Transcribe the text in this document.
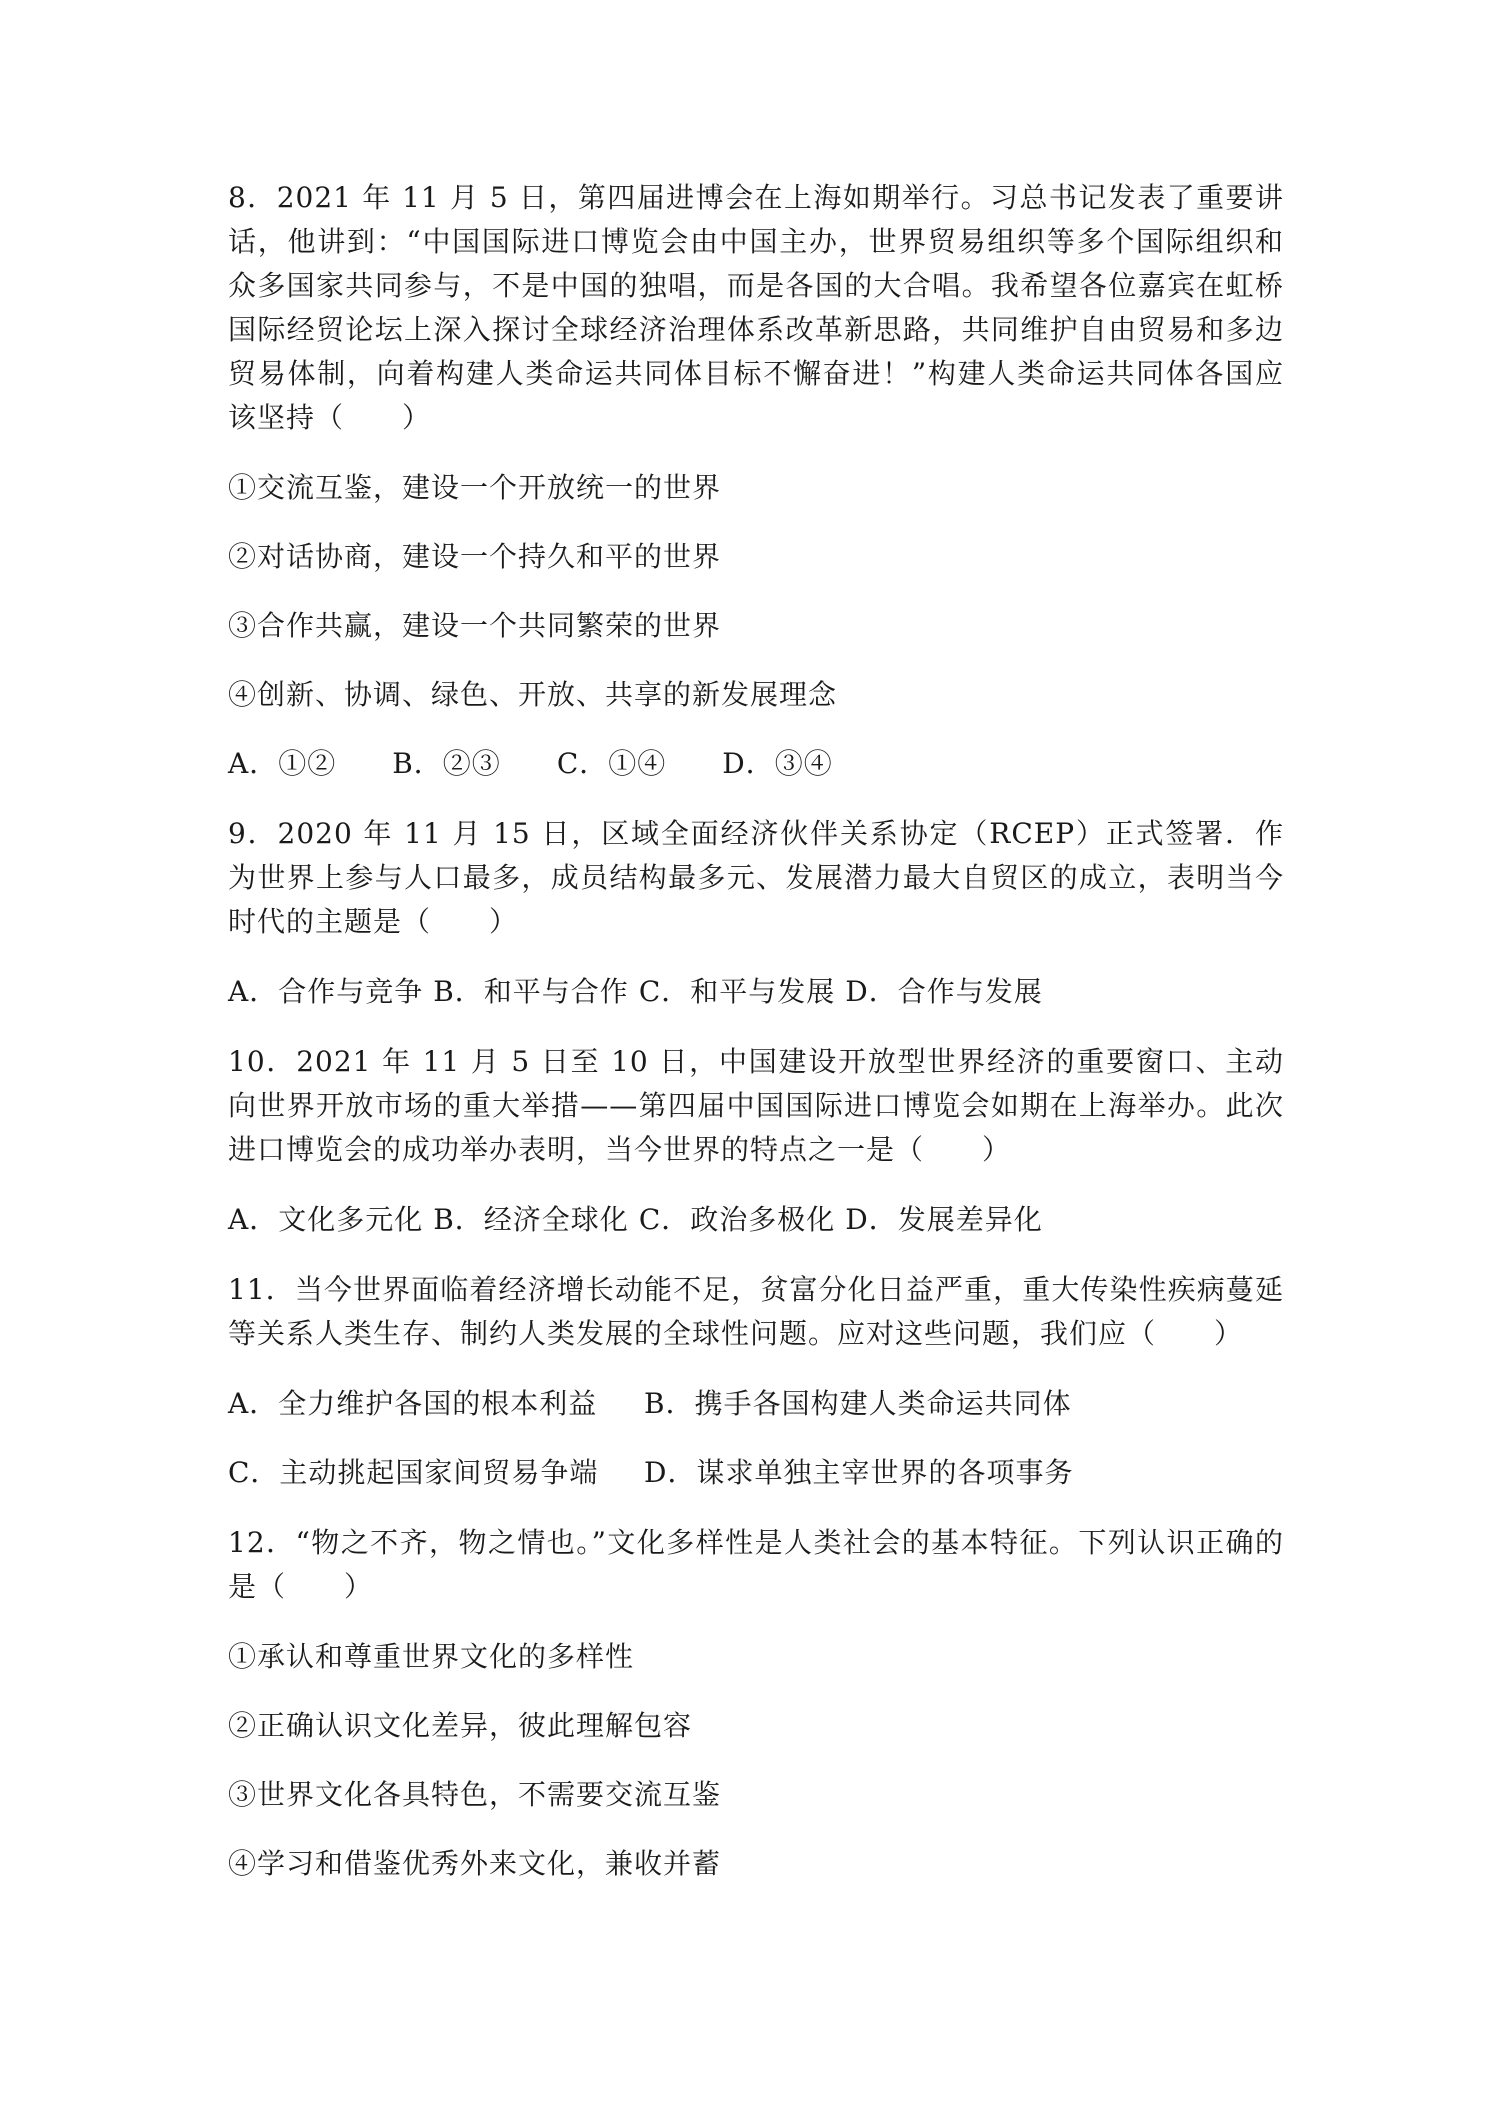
8．2021 年 11 月 5 日，第四届进博会在上海如期举行。习总书记发表了重要讲话，他讲到：“中国国际进口博览会由中国主办，世界贸易组织等多个国际组织和众多国家共同参与，不是中国的独唱，而是各国的大合唱。我希望各位嘉宾在虹桥国际经贸论坛上深入探讨全球经济治理体系改革新思路，共同维护自由贸易和多边贸易体制，向着构建人类命运共同体目标不懈奋进！”构建人类命运共同体各国应该坚持（　　）

①交流互鉴，建设一个开放统一的世界

②对话协商，建设一个持久和平的世界

③合作共赢，建设一个共同繁荣的世界

④创新、协调、绿色、开放、共享的新发展理念

A．①② B．②③ C．①④ D．③④

9．2020 年 11 月 15 日，区域全面经济伙伴关系协定（RCEP）正式签署．作为世界上参与人口最多，成员结构最多元、发展潜力最大自贸区的成立，表明当今时代的主题是（　　）

A．合作与竞争 B．和平与合作 C．和平与发展 D．合作与发展

10．2021 年 11 月 5 日至 10 日，中国建设开放型世界经济的重要窗口、主动向世界开放市场的重大举措——第四届中国国际进口博览会如期在上海举办。此次进口博览会的成功举办表明，当今世界的特点之一是（　　）

A．文化多元化 B．经济全球化 C．政治多极化 D．发展差异化

11．当今世界面临着经济增长动能不足，贫富分化日益严重，重大传染性疾病蔓延等关系人类生存、制约人类发展的全球性问题。应对这些问题，我们应（　　）

A．全力维护各国的根本利益	B．携手各国构建人类命运共同体
C．主动挑起国家间贸易争端	D．谋求单独主宰世界的各项事务

12．“物之不齐，物之情也。”文化多样性是人类社会的基本特征。下列认识正确的是（　　）

①承认和尊重世界文化的多样性

②正确认识文化差异，彼此理解包容

③世界文化各具特色，不需要交流互鉴

④学习和借鉴优秀外来文化，兼收并蓄
